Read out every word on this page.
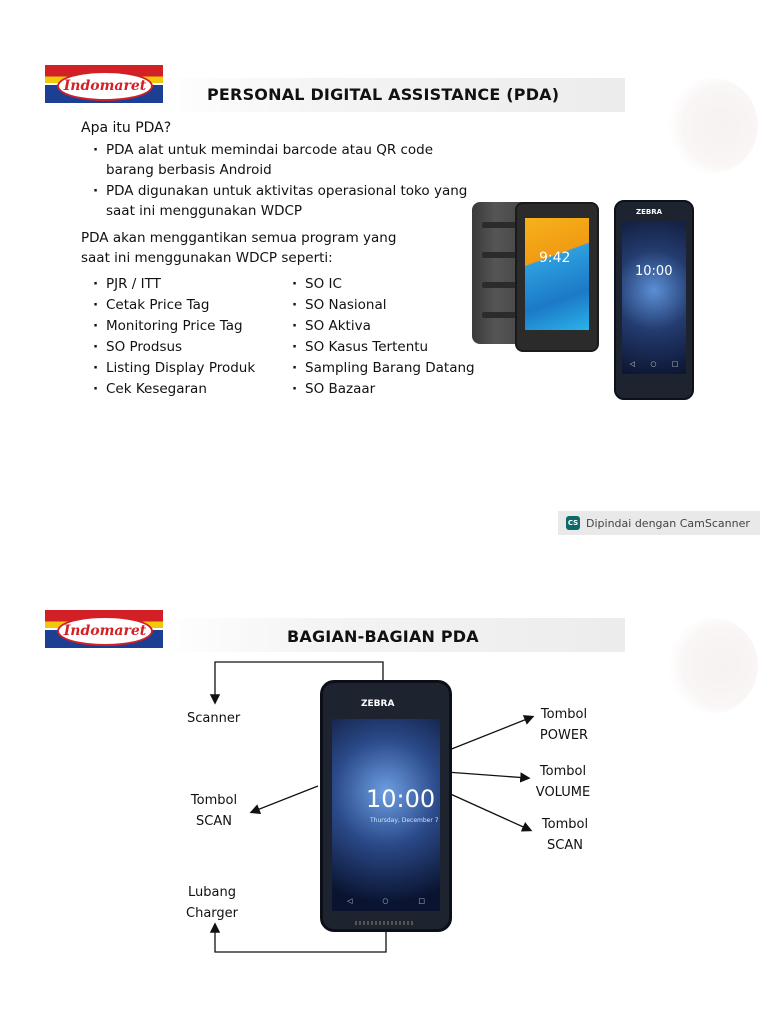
Indomaret	PERSONAL DIGITAL ASSISTANCE (PDA)
Apa itu PDA?
· PDA alat untuk memindai barcode atau QR code barang berbasis Android
· PDA digunakan untuk aktivitas operasional toko yang saat ini menggunakan WDCP
PDA akan menggantikan semua program yang saat ini menggunakan WDCP seperti:
· PJR / ITT
· Cetak Price Tag
· Monitoring Price Tag
· SO Prodsus
· Listing Display Produk
· Cek Kesegaran
· SO IC
· SO Nasional
· SO Aktiva
· SO Kasus Tertentu
· Sampling Barang Datang
· SO Bazaar
9:42
ZEBRA
10:00
◁ ○ □
CS Dipindai dengan CamScanner
Indomaret	BAGIAN-BAGIAN PDA
ZEBRA
10:00
Thursday, December 7
◁	○	□
Scanner
Tombol
SCAN
Lubang
Charger
Tombol
POWER
Tombol
VOLUME
Tombol
SCAN
